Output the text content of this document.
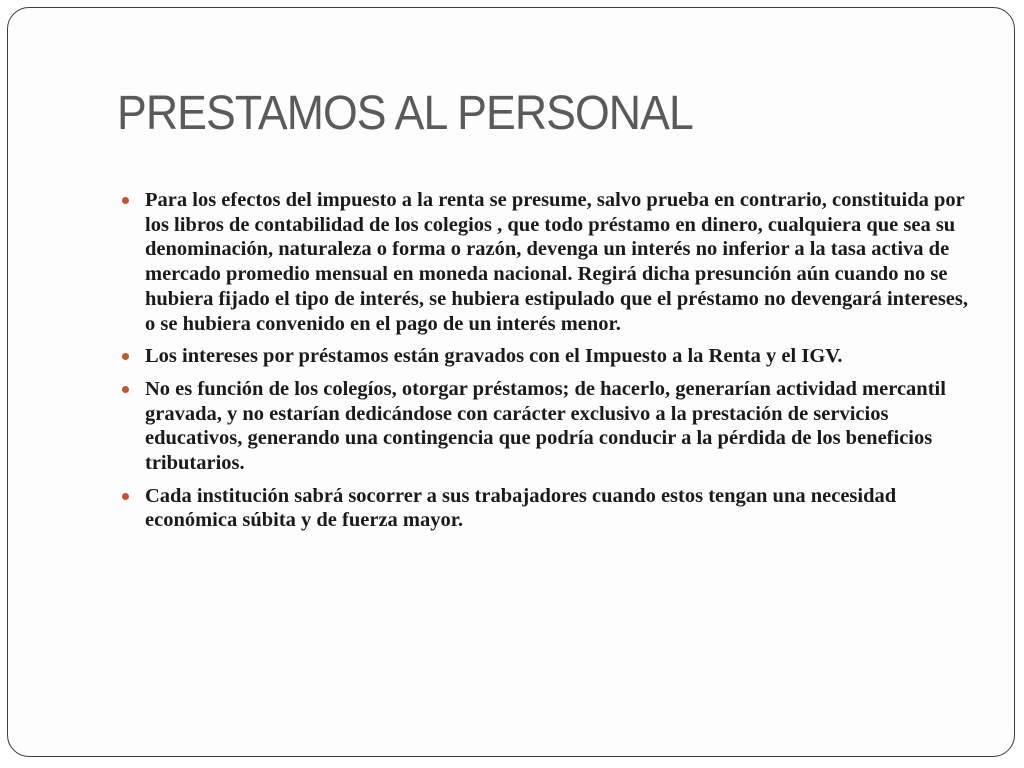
PRESTAMOS AL PERSONAL
Para los efectos del impuesto a la renta se presume, salvo prueba en contrario, constituida por los libros de contabilidad de los colegios , que todo préstamo en dinero, cualquiera que sea su denominación, naturaleza o forma o razón, devenga un interés no inferior a la tasa activa de mercado promedio mensual en moneda nacional. Regirá dicha presunción aún cuando no se hubiera fijado el tipo de interés, se hubiera estipulado que el préstamo no devengará intereses, o se hubiera convenido en el pago de un interés menor.
Los intereses por préstamos están gravados con el Impuesto a la Renta y el IGV.
No es función de los colegíos, otorgar préstamos; de hacerlo, generarían actividad mercantil gravada, y no estarían dedicándose con carácter exclusivo a la prestación de servicios educativos, generando una contingencia que podría conducir a la pérdida de los beneficios tributarios.
Cada institución sabrá socorrer a sus trabajadores cuando estos tengan una necesidad económica súbita y de fuerza mayor.
